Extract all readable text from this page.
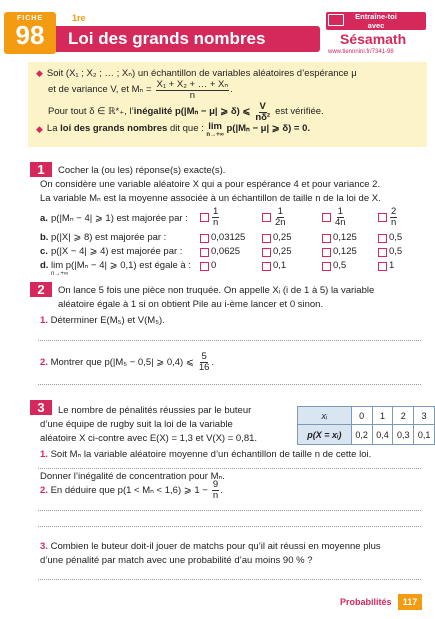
FICHE
98
1re
Loi des grands nombres
Entraîne-toi
avec
Sésamath
www.tiennnini.fr/7341-98
◆ Soit (X₁ ; X₂ ; … ; Xₙ) un échantillon de variables aléatoires d’espérance μ
et de variance V, et $M_n = \frac{\text{X₁ + X₂ + … + Xₙ}}{n}$ .
Pour tout δ ∈ ℝ*₊, l’ inégalité p(|Mₙ − μ| ⩾ δ) ⩽ $\frac{V}{\text{nδ²}}$ est vérifiée.
◆ La
loi des grands nombres
dit que :
lim
n→+∞

p(|Mₙ − μ| ⩾ δ) = 0.
1	Cocher la (ou les) réponse(s) exacte(s).
On considère une variable aléatoire X qui a pour espérance 4 et pour variance 2.
La variable Mₙ est la moyenne associée à un échantillon de taille n de la loi de X.
a. p(|Mₙ − 4| ⩾ 1) est majorée par :	$\frac{1}{n}$	$\frac{1}{2n}$	$\frac{1}{4n}$	$\frac{2}{n}$
b. p(|X| ⩾ 8) est majorée par :	0,03125	0,25	0,125	0,5
c. p(|X − 4| ⩾ 4) est majorée par :	0,0625	0,25	0,125	0,5
d. lim p(|Mₙ − 4| ⩾ 0,1) est égale à :
n→+∞
0	0,1	0,5	1
2	On lance 5 fois une pièce non truquée. On appelle Xᵢ (i de 1 à 5) la variable
aléatoire égale à 1 si on obtient Pile au i-ème lancer et 0 sinon.
1. Déterminer E(M₅) et V(M₅).
2.
Montrer que p(|M₅ − 0,5| ⩾ 0,4) ⩽ $\frac{5}{16}$ .
3	Le nombre de pénalités réussies par le buteur
d’une équipe de rugby suit la loi de la variable
aléatoire X ci-contre avec E(X) = 1,3 et V(X) = 0,81.
xᵢ	0	1	2	3
p(X = xᵢ)	0,2	0,4	0,3	0,1
1. Soit Mₙ la variable aléatoire moyenne d’un échantillon de taille n de cette loi.
Donner l’inégalité de concentration pour Mₙ.
2.
En déduire que p(1 < Mₙ < 1,6) ⩾ $1 - \frac{9}{n}$ .
3. Combien le buteur doit-il jouer de matchs pour qu’il ait réussi en moyenne plus
d’une pénalité par match avec une probabilité d’au moins 90 % ?
Probabilités	117
